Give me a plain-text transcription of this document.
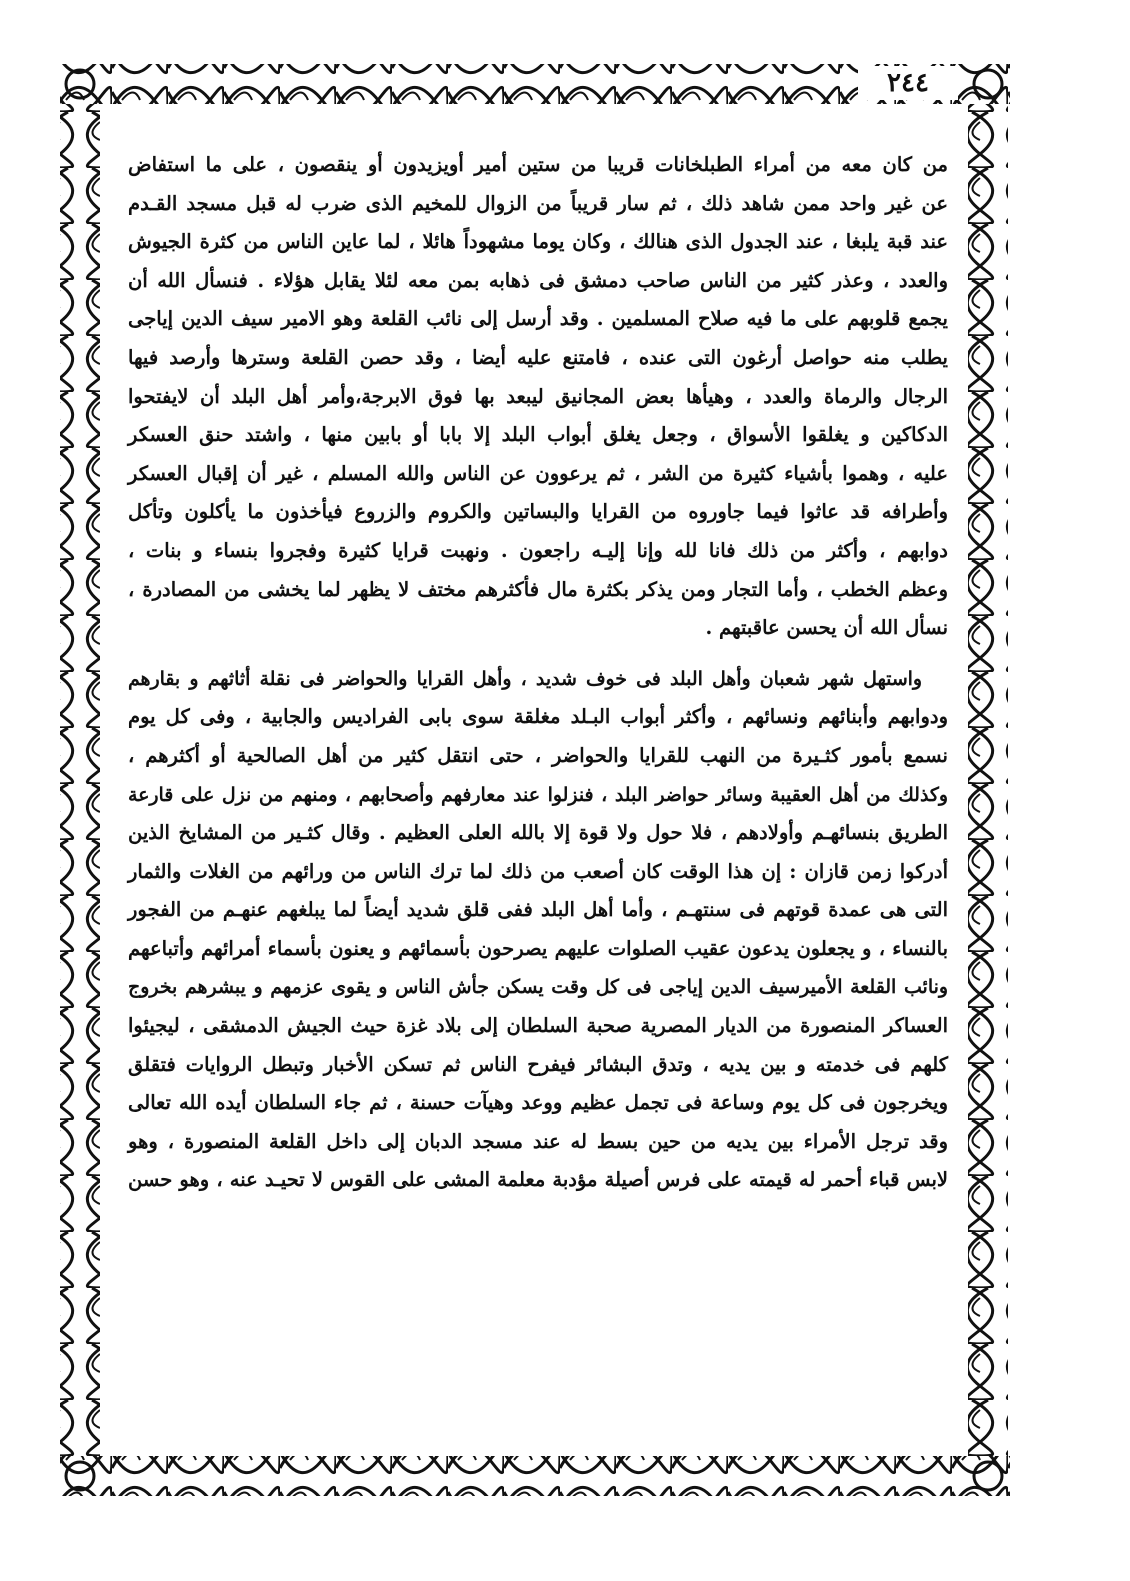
٢٤٤
من كان معه من أمراء الطبلخانات قريبا من ستين أمير أويزيدون أو ينقصون ، على ما استفاض
عن غير واحد ممن شاهد ذلك ، ثم سار قريباً من الزوال للمخيم الذى ضرب له قبل مسجد القـدم
عند قبة يلبغا ، عند الجدول الذى هنالك ، وكان يوما مشهوداً هائلا ، لما عاين الناس من كثرة الجيوش
والعدد ، وعذر كثير من الناس صاحب دمشق فى ذهابه بمن معه لئلا يقابل هؤلاء . فنسأل الله أن
يجمع قلوبهم على ما فيه صلاح المسلمين . وقد أرسل إلى نائب القلعة وهو الامير سيف الدين إياجى
يطلب منه حواصل أرغون التى عنده ، فامتنع عليه أيضا ، وقد حصن القلعة وسترها وأرصد فيها
الرجال والرماة والعدد ، وهيأها بعض المجانيق ليبعد بها فوق الابرجة،وأمر أهل البلد أن لايفتحوا
الدكاكين و يغلقوا الأسواق ، وجعل يغلق أبواب البلد إلا بابا أو بابين منها ، واشتد حنق العسكر
عليه ، وهموا بأشياء كثيرة من الشر ، ثم يرعوون عن الناس والله المسلم ، غير أن إقبال العسكر
وأطرافه قد عاثوا فيما جاوروه من القرايا والبساتين والكروم والزروع فيأخذون ما يأكلون وتأكل
دوابهم ، وأكثر من ذلك فانا لله وإنا إليـه راجعون . ونهبت قرايا كثيرة وفجروا بنساء و بنات ،
وعظم الخطب ، وأما التجار ومن يذكر بكثرة مال فأكثرهم مختف لا يظهر لما يخشى من المصادرة ،
نسأل الله أن يحسن عاقبتهم .
واستهل شهر شعبان وأهل البلد فى خوف شديد ، وأهل القرايا والحواضر فى نقلة أثاثهم و بقارهم
ودوابهم وأبنائهم ونسائهم ، وأكثر أبواب البـلد مغلقة سوى بابى الفراديس والجابية ، وفى كل يوم
نسمع بأمور كثـيرة من النهب للقرايا والحواضر ، حتى انتقل كثير من أهل الصالحية أو أكثرهم ،
وكذلك من أهل العقيبة وسائر حواضر البلد ، فنزلوا عند معارفهم وأصحابهم ، ومنهم من نزل على قارعة
الطريق بنسائهـم وأولادهم ، فلا حول ولا قوة إلا بالله العلى العظيم . وقال كثـير من المشايخ الذين
أدركوا زمن قازان : إن هذا الوقت كان أصعب من ذلك لما ترك الناس من ورائهم من الغلات والثمار
التى هى عمدة قوتهم فى سنتهـم ، وأما أهل البلد ففى قلق شديد أيضاً لما يبلغهم عنهـم من الفجور
بالنساء ، و يجعلون يدعون عقيب الصلوات عليهم يصرحون بأسمائهم و يعنون بأسماء أمرائهم وأتباعهم
ونائب القلعة الأميرسيف الدين إياجى فى كل وقت يسكن جأش الناس و يقوى عزمهم و يبشرهم بخروج
العساكر المنصورة من الديار المصرية صحبة السلطان إلى بلاد غزة حيث الجيش الدمشقى ، ليجيئوا
كلهم فى خدمته و بين يديه ، وتدق البشائر فيفرح الناس ثم تسكن الأخبار وتبطل الروايات فتقلق
ويخرجون فى كل يوم وساعة فى تجمل عظيم ووعد وهيآت حسنة ، ثم جاء السلطان أيده الله تعالى
وقد ترجل الأمراء بين يديه من حين بسط له عند مسجد الدبان إلى داخل القلعة المنصورة ، وهو
لابس قباء أحمر له قيمته على فرس أصيلة مؤدبة معلمة المشى على القوس لا تحيـد عنه ، وهو حسن
